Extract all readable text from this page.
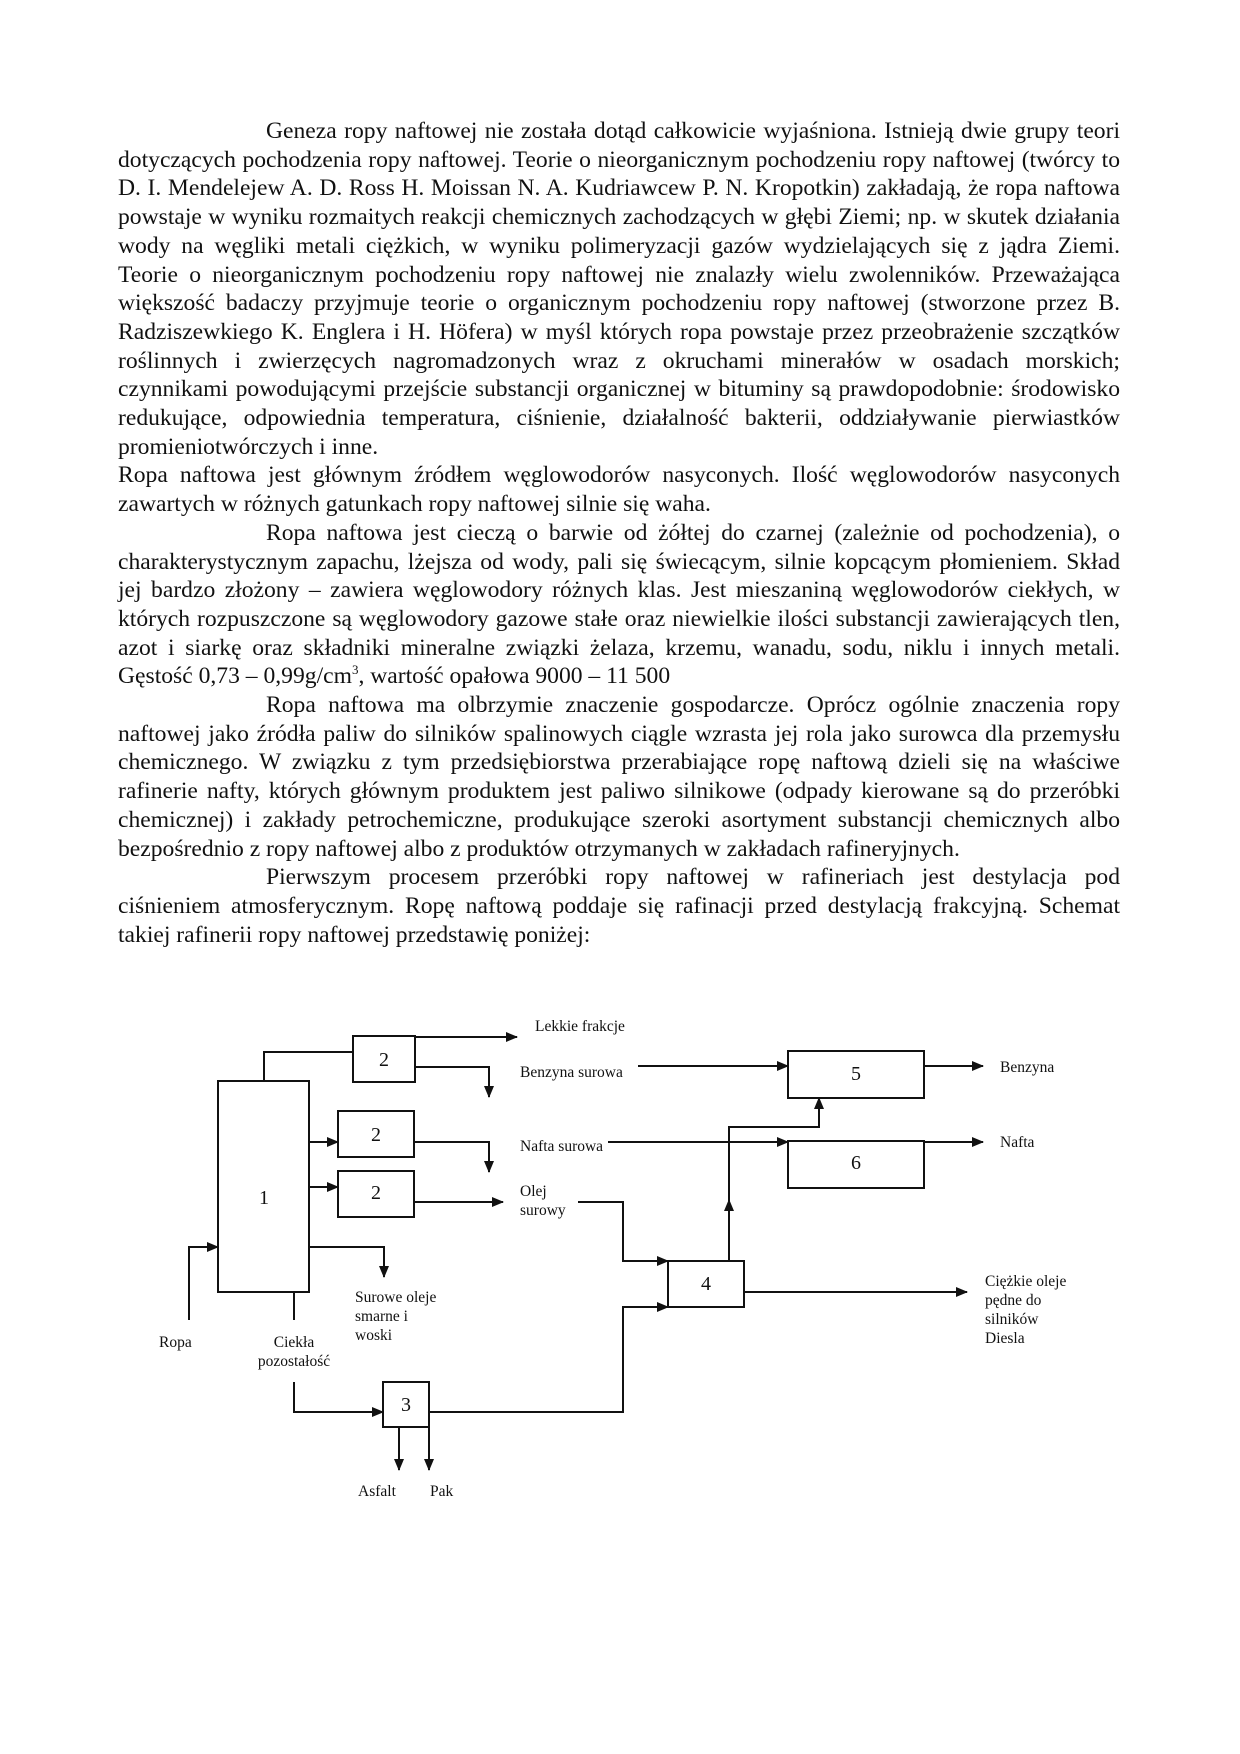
Geneza ropy naftowej nie została dotąd całkowicie wyjaśniona. Istnieją dwie grupy teori dotyczących pochodzenia ropy naftowej. Teorie o nieorganicznym pochodzeniu ropy naftowej (twórcy to D. I. Mendelejew A. D. Ross H. Moissan N. A. Kudriawcew P. N. Kropotkin) zakładają, że ropa naftowa powstaje w wyniku rozmaitych reakcji chemicznych zachodzących w głębi Ziemi; np. w skutek działania wody na węgliki metali ciężkich, w wyniku polimeryzacji gazów wydzielających się z jądra Ziemi. Teorie o nieorganicznym pochodzeniu ropy naftowej nie znalazły wielu zwolenników. Przeważająca większość badaczy przyjmuje teorie o organicznym pochodzeniu ropy naftowej (stworzone przez B. Radziszewkiego K. Englera i H. Höfera) w myśl których ropa powstaje przez przeobrażenie szczątków roślinnych i zwierzęcych nagromadzonych wraz z okruchami minerałów w osadach morskich; czynnikami powodującymi przejście substancji organicznej w bituminy są prawdopodobnie: środowisko redukujące, odpowiednia temperatura, ciśnienie, działalność bakterii, oddziaływanie pierwiastków promieniotwórczych i inne.

Ropa naftowa jest głównym źródłem węglowodorów nasyconych. Ilość węglowodorów nasyconych zawartych w różnych gatunkach ropy naftowej silnie się waha.

Ropa naftowa jest cieczą o barwie od żółtej do czarnej (zależnie od pochodzenia), o charakterystycznym zapachu, lżejsza od wody, pali się świecącym, silnie kopcącym płomieniem. Skład jej bardzo złożony – zawiera węglowodory różnych klas. Jest mieszaniną węglowodorów ciekłych, w których rozpuszczone są węglowodory gazowe stałe oraz niewielkie ilości substancji zawierających tlen, azot i siarkę oraz składniki mineralne związki żelaza, krzemu, wanadu, sodu, niklu i innych metali. Gęstość $0,73 - 0,99g/cm^3$, wartość opałowa 9000 – 11 500

Ropa naftowa ma olbrzymie znaczenie gospodarcze. Oprócz ogólnie znaczenia ropy naftowej jako źródła paliw do silników spalinowych ciągle wzrasta jej rola jako surowca dla przemysłu chemicznego. W związku z tym przedsiębiorstwa przerabiające ropę naftową dzieli się na właściwe rafinerie nafty, których głównym produktem jest paliwo silnikowe (odpady kierowane są do przeróbki chemicznej) i zakłady petrochemiczne, produkujące szeroki asortyment substancji chemicznych albo bezpośrednio z ropy naftowej albo z produktów otrzymanych w zakładach rafineryjnych.

Pierwszym procesem przeróbki ropy naftowej w rafineriach jest destylacja pod ciśnieniem atmosferycznym. Ropę naftową poddaje się rafinacji przed destylacją frakcyjną. Schemat takiej rafinerii ropy naftowej przedstawię poniżej:

1
2
2
2
3
4
5
6
Lekkie frakcje
Benzyna surowa
Nafta surowa
Olej
surowy
Benzyna
Nafta
Ciężkie oleje
pędne do
silników
Diesla
Ropa	Ciekła
pozostałość
Surowe oleje
smarne i
woski
Asfalt Pak
